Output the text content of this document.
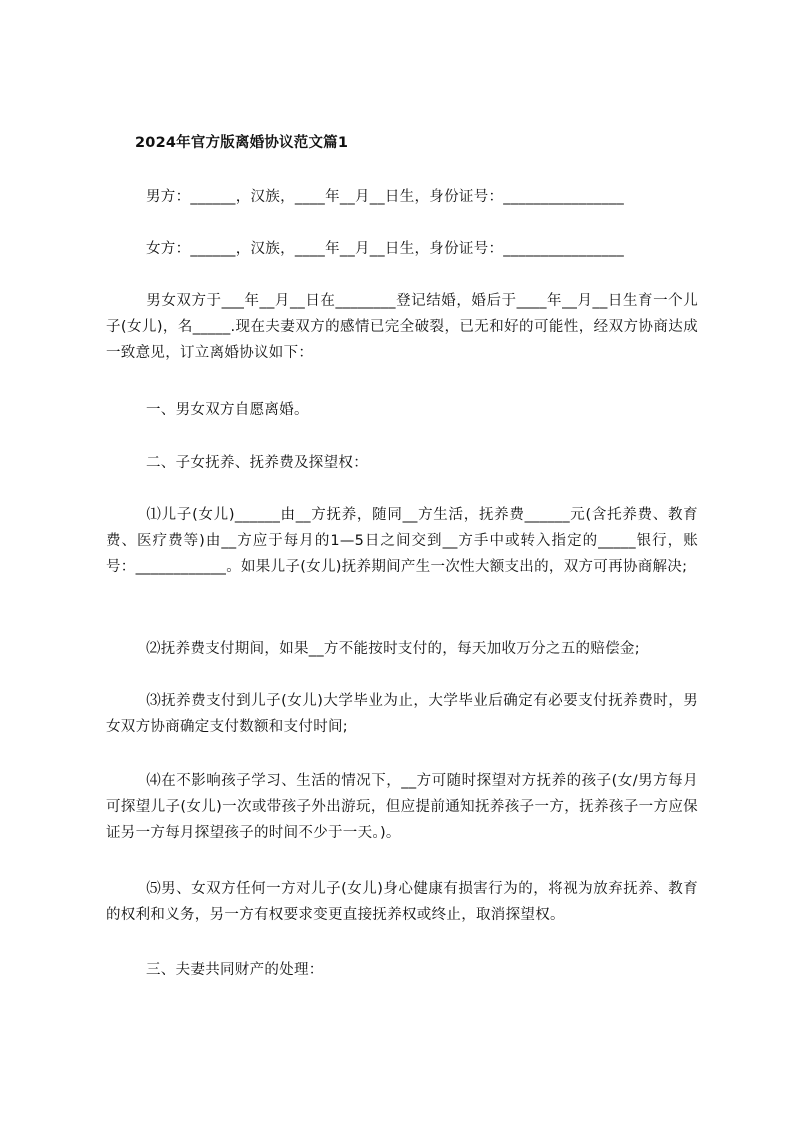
2024年官方版离婚协议范文篇1
男方：______，汉族，____年__月__日生，身份证号：________________
女方：______，汉族，____年__月__日生，身份证号：________________
男女双方于___年__月__日在________登记结婚，婚后于____年__月__日生育一个儿子(女儿)，名_____.现在夫妻双方的感情已完全破裂，已无和好的可能性，经双方协商达成一致意见，订立离婚协议如下：
一、男女双方自愿离婚。
二、子女抚养、抚养费及探望权：
⑴儿子(女儿)______由__方抚养，随同__方生活，抚养费______元(含托养费、教育费、医疗费等)由__方应于每月的1—5日之间交到__方手中或转入指定的_____银行，账号：____________。如果儿子(女儿)抚养期间产生一次性大额支出的，双方可再协商解决;
⑵抚养费支付期间，如果__方不能按时支付的，每天加收万分之五的赔偿金;
⑶抚养费支付到儿子(女儿)大学毕业为止，大学毕业后确定有必要支付抚养费时，男女双方协商确定支付数额和支付时间;
⑷在不影响孩子学习、生活的情况下，__方可随时探望对方抚养的孩子(女/男方每月可探望儿子(女儿)一次或带孩子外出游玩，但应提前通知抚养孩子一方，抚养孩子一方应保证另一方每月探望孩子的时间不少于一天。)。
⑸男、女双方任何一方对儿子(女儿)身心健康有损害行为的，将视为放弃抚养、教育的权利和义务，另一方有权要求变更直接抚养权或终止，取消探望权。
三、夫妻共同财产的处理：
